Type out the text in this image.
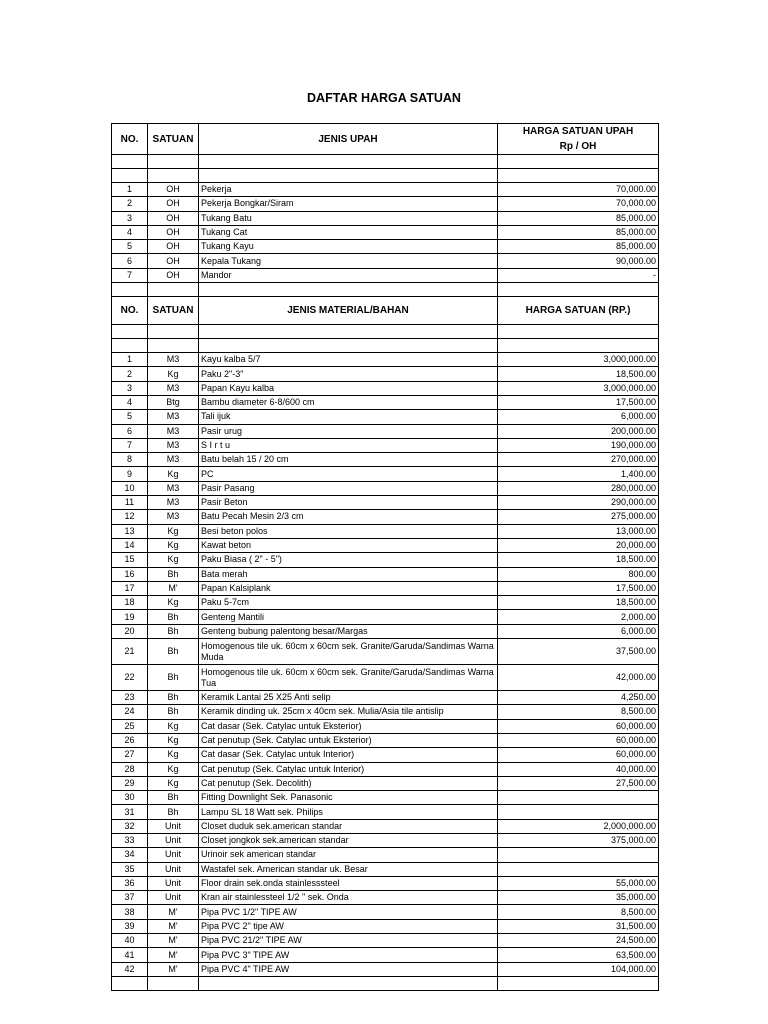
DAFTAR HARGA SATUAN
NO.	SATUAN	JENIS UPAH	HARGA SATUAN UPAH
Rp / OH

1	OH	Pekerja	70,000.00
2	OH	Pekerja Bongkar/Siram	70,000.00
3	OH	Tukang Batu	85,000.00
4	OH	Tukang Cat	85,000.00
5	OH	Tukang Kayu	85,000.00
6	OH	Kepala Tukang	90,000.00
7	OH	Mandor	-

NO.	SATUAN	JENIS MATERIAL/BAHAN	HARGA SATUAN (RP.)

1	M3	Kayu kalba 5/7	3,000,000.00
2	Kg	Paku 2"-3"	18,500.00
3	M3	Papan Kayu kalba	3,000,000.00
4	Btg	Bambu diameter 6-8/600 cm	17,500.00
5	M3	Tali ijuk	6,000.00
6	M3	Pasir urug	200,000.00
7	M3	S I r t u	190,000.00
8	M3	Batu belah 15 / 20 cm	270,000.00
9	Kg	PC	1,400.00
10	M3	Pasir Pasang	280,000.00
11	M3	Pasir Beton	290,000.00
12	M3	Batu Pecah Mesin 2/3 cm	275,000.00
13	Kg	Besi beton polos	13,000.00
14	Kg	Kawat beton	20,000.00
15	Kg	Paku Biasa ( 2" - 5")	18,500.00
16	Bh	Bata merah	800.00
17	M'	Papan Kalsiplank	17,500.00
18	Kg	Paku 5-7cm	18,500.00
19	Bh	Genteng Mantili	2,000.00
20	Bh	Genteng bubung palentong besar/Margas	6,000.00
21	Bh	Homogenous tile uk. 60cm x 60cm sek. Granite/Garuda/Sandimas Warna Muda	37,500.00
22	Bh	Homogenous tile uk. 60cm x 60cm sek. Granite/Garuda/Sandimas Warna Tua	42,000.00
23	Bh	Keramik Lantai 25 X25 Anti selip	4,250.00
24	Bh	Keramik dinding uk. 25cm x 40cm sek. Mulia/Asia tile antislip	8,500.00
25	Kg	Cat dasar (Sek. Catylac untuk Eksterior)	60,000.00
26	Kg	Cat penutup (Sek. Catylac untuk Eksterior)	60,000.00
27	Kg	Cat dasar (Sek. Catylac untuk Interior)	60,000.00
28	Kg	Cat penutup (Sek. Catylac untuk Interior)	40,000.00
29	Kg	Cat penutup (Sek. Decolith)	27,500.00
30	Bh	Fitting Downlight Sek. Panasonic	
31	Bh	Lampu SL 18 Watt sek. Philips	
32	Unit	Closet duduk sek.american standar	2,000,000.00
33	Unit	Closet jongkok sek.american standar	375,000.00
34	Unit	Urinoir sek american standar	
35	Unit	Wastafel sek. American standar uk. Besar	
36	Unit	Floor drain sek.onda stainlesssteel	55,000.00
37	Unit	Kran air stainlessteel 1/2 " sek. Onda	35,000.00
38	M'	Pipa PVC 1/2" TIPE AW	8,500.00
39	M'	Pipa PVC 2" tipe AW	31,500.00
40	M'	Pipa PVC 21/2" TIPE AW	24,500.00
41	M'	Pipa PVC 3" TIPE AW	63,500.00
42	M'	Pipa PVC 4" TIPE AW	104,000.00
